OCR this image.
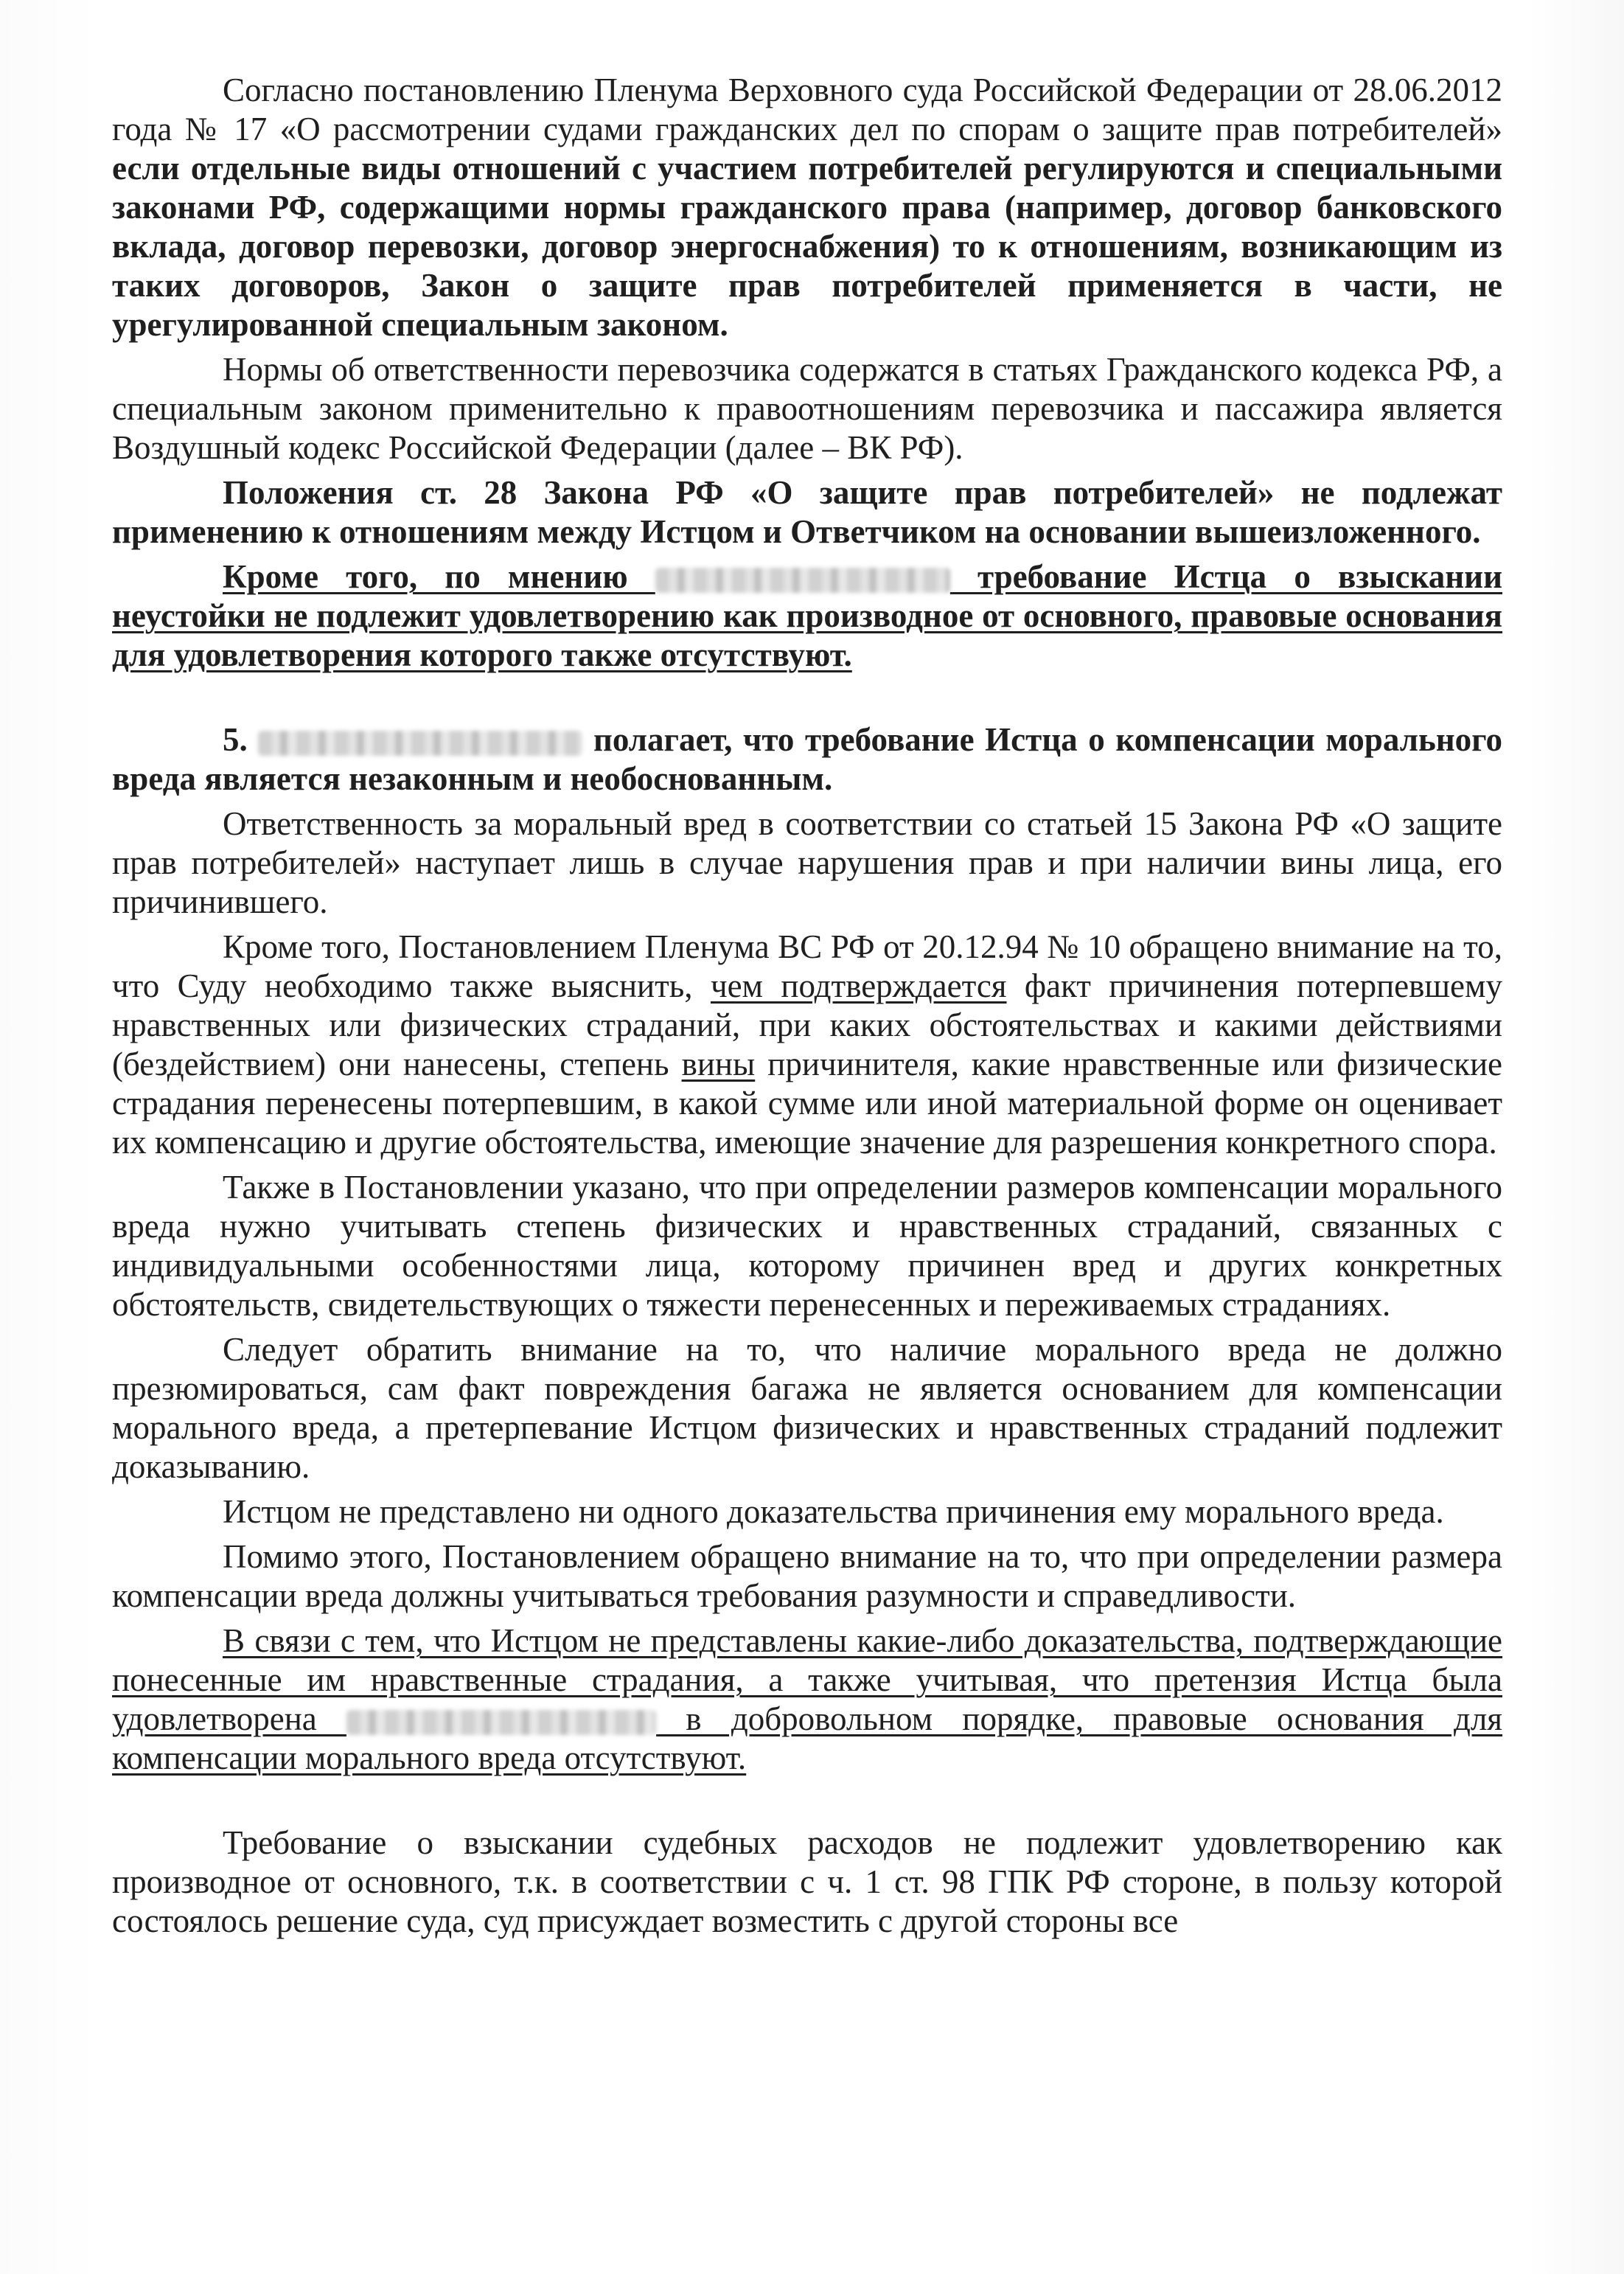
Согласно постановлению Пленума Верховного суда Российской Федерации от 28.06.2012 года № 17 «О рассмотрении судами гражданских дел по спорам о защите прав потребителей» если отдельные виды отношений с участием потребителей регулируются и специальными законами РФ, содержащими нормы гражданского права (например, договор банковского вклада, договор перевозки, договор энергоснабжения) то к отношениям, возникающим из таких договоров, Закон о защите прав потребителей применяется в части, не урегулированной специальным законом.

Нормы об ответственности перевозчика содержатся в статьях Гражданского кодекса РФ, а специальным законом применительно к правоотношениям перевозчика и пассажира является Воздушный кодекс Российской Федерации (далее – ВК РФ).

Положения ст. 28 Закона РФ «О защите прав потребителей» не подлежат применению к отношениям между Истцом и Ответчиком на основании вышеизложенного.

Кроме того, по мнению	требование Истца о взыскании неустойки не подлежит удовлетворению как производное от основного, правовые основания для удовлетворения которого также отсутствуют.

5.	полагает, что требование Истца о компенсации морального вреда является незаконным и необоснованным.

Ответственность за моральный вред в соответствии со статьей 15 Закона РФ «О защите прав потребителей» наступает лишь в случае нарушения прав и при наличии вины лица, его причинившего.

Кроме того, Постановлением Пленума ВС РФ от 20.12.94 № 10 обращено внимание на то, что Суду необходимо также выяснить, чем подтверждается факт причинения потерпевшему нравственных или физических страданий, при каких обстоятельствах и какими действиями (бездействием) они нанесены, степень вины причинителя, какие нравственные или физические страдания перенесены потерпевшим, в какой сумме или иной материальной форме он оценивает их компенсацию и другие обстоятельства, имеющие значение для разрешения конкретного спора.

Также в Постановлении указано, что при определении размеров компенсации морального вреда нужно учитывать степень физических и нравственных страданий, связанных с индивидуальными особенностями лица, которому причинен вред и других конкретных обстоятельств, свидетельствующих о тяжести перенесенных и переживаемых страданиях.

Следует обратить внимание на то, что наличие морального вреда не должно презюмироваться, сам факт повреждения багажа не является основанием для компенсации морального вреда, а претерпевание Истцом физических и нравственных страданий подлежит доказыванию.

Истцом не представлено ни одного доказательства причинения ему морального вреда.

Помимо этого, Постановлением обращено внимание на то, что при определении размера компенсации вреда должны учитываться требования разумности и справедливости.

В связи с тем, что Истцом не представлены какие-либо доказательства, подтверждающие понесенные им нравственные страдания, а также учитывая, что претензия Истца была удовлетворена	в добровольном порядке, правовые основания для компенсации морального вреда отсутствуют.

Требование о взыскании судебных расходов не подлежит удовлетворению как производное от основного, т.к. в соответствии с ч. 1 ст. 98 ГПК РФ стороне, в пользу которой состоялось решение суда, суд присуждает возместить с другой стороны все
